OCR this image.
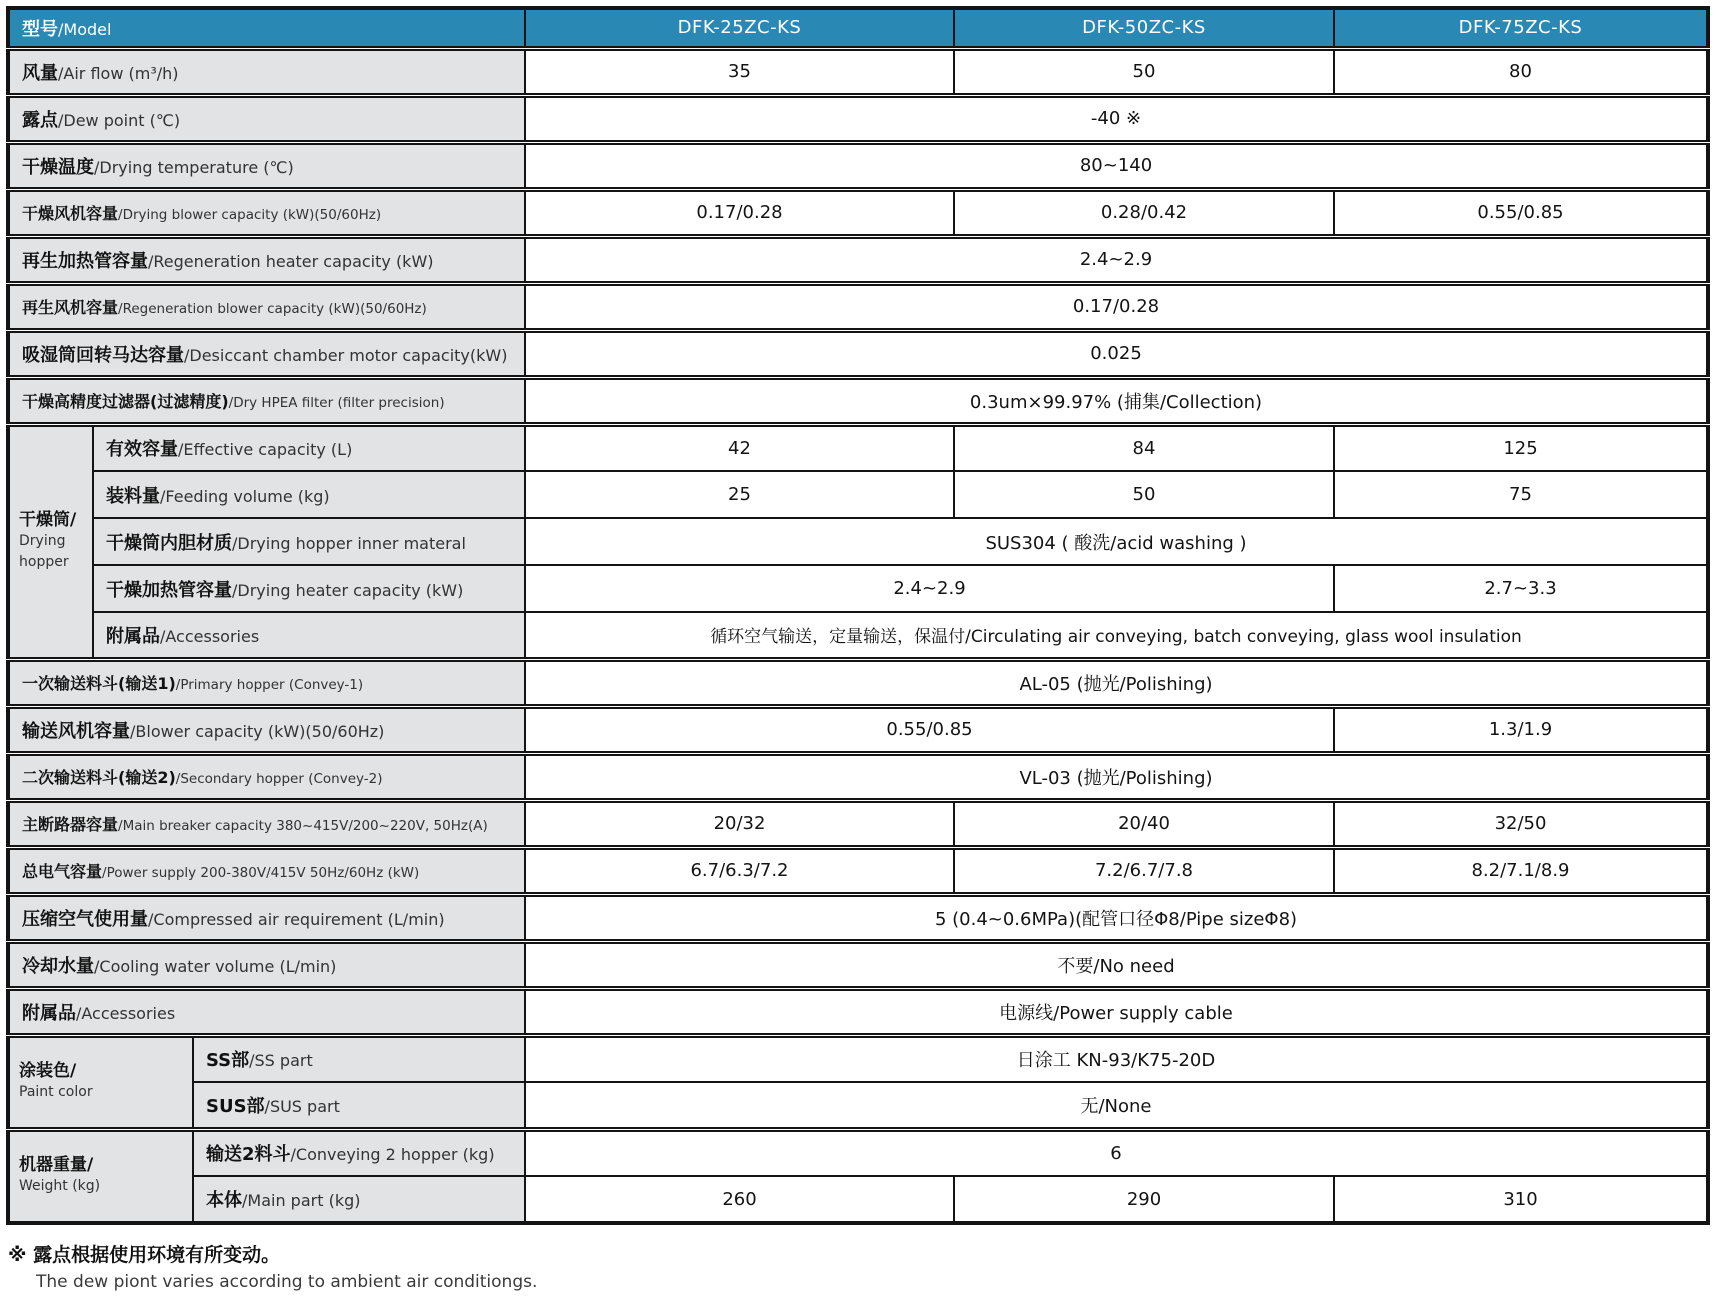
型号/Model			DFK-25ZC-KS	DFK-50ZC-KS	DFK-75ZC-KS
风量/Air flow (m³/h)			35	50	80
露点/Dew point (℃)			-40 ※		
干燥温度/Drying temperature (℃)			80~140		
干燥风机容量/Drying blower capacity (kW)(50/60Hz)			0.17/0.28	0.28/0.42	0.55/0.85
再生加热管容量/Regeneration heater capacity (kW)			2.4~2.9		
再生风机容量/Regeneration blower capacity (kW)(50/60Hz)			0.17/0.28		
吸湿筒回转马达容量/Desiccant chamber motor capacity(kW)			0.025		
干燥高精度过滤器(过滤精度)/Dry HPEA filter (filter precision)			0.3um×99.97% (捕集/Collection)		

干燥筒/
Drying hopper	有效容量/Effective capacity (L)		42	84	125
	装料量/Feeding volume (kg)		25	50	75
	干燥筒内胆材质/Drying hopper inner materal		SUS304 ( 酸洗/acid washing )		
	干燥加热管容量/Drying heater capacity (kW)		2.4~2.9		2.7~3.3
	附属品/Accessories		循环空气输送，定量输送，保温付/Circulating air conveying, batch conveying, glass wool insulation		
一次输送料斗(输送1)/Primary hopper (Convey-1)			AL-05 (抛光/Polishing)		
输送风机容量/Blower capacity (kW)(50/60Hz)			0.55/0.85		1.3/1.9
二次输送料斗(输送2)/Secondary hopper (Convey-2)			VL-03 (抛光/Polishing)		
主断路器容量/Main breaker capacity 380~415V/200~220V, 50Hz(A)			20/32	20/40	32/50
总电气容量/Power supply 200-380V/415V 50Hz/60Hz (kW)			6.7/6.3/7.2	7.2/6.7/7.8	8.2/7.1/8.9
压缩空气使用量/Compressed air requirement (L/min)			5 (0.4~0.6MPa)(配管口径Φ8/Pipe sizeΦ8)		
冷却水量/Cooling water volume (L/min)			不要/No need		
附属品/Accessories			电源线/Power supply cable		

涂装色/
Paint color		SS部/SS part	日涂工 KN-93/K75-20D		
		SUS部/SUS part	无/None		

机器重量/
Weight (kg)		输送2料斗/Conveying 2 hopper (kg)	6		
		本体/Main part (kg)	260	290	310
※ 露点根据使用环境有所变动。
The dew piont varies according to ambient air conditiongs.
